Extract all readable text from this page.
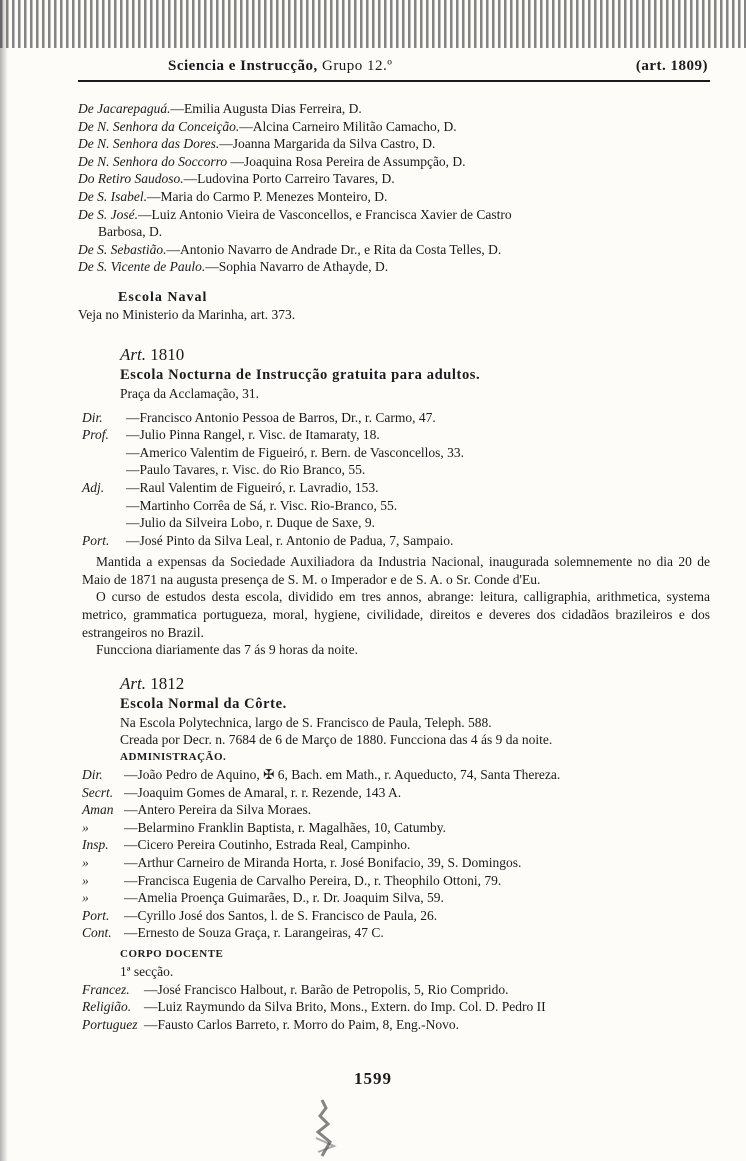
Sciencia e Instrucção, Grupo 12.º	(art. 1809)
De Jacarepaguá.—Emilia Augusta Dias Ferreira, D.
De N. Senhora da Conceição.—Alcina Carneiro Militão Camacho, D.
De N. Senhora das Dores.—Joanna Margarida da Silva Castro, D.
De N. Senhora do Soccorro —Joaquina Rosa Pereira de Assumpção, D.
Do Retiro Saudoso.—Ludovina Porto Carreiro Tavares, D.
De S. Isabel.—Maria do Carmo P. Menezes Monteiro, D.
De S. José.—Luiz Antonio Vieira de Vasconcellos, e Francisca Xavier de Castro
Barbosa, D.
De S. Sebastião.—Antonio Navarro de Andrade Dr., e Rita da Costa Telles, D.
De S. Vicente de Paulo.—Sophia Navarro de Athayde, D.
Escola Naval
Veja no Ministerio da Marinha, art. 373.
Art. 1810
Escola Nocturna de Instrucção gratuita para adultos.
Praça da Acclamação, 31.
Dir.	—Francisco Antonio Pessoa de Barros, Dr., r. Carmo, 47.
Prof.	—Julio Pinna Rangel, r. Visc. de Itamaraty, 18.
—Americo Valentim de Figueiró, r. Bern. de Vasconcellos, 33.
—Paulo Tavares, r. Visc. do Rio Branco, 55.
Adj.	—Raul Valentim de Figueiró, r. Lavradio, 153.
—Martinho Corrêa de Sá, r. Visc. Rio-Branco, 55.
—Julio da Silveira Lobo, r. Duque de Saxe, 9.
Port.	—José Pinto da Silva Leal, r. Antonio de Padua, 7, Sampaio.
Mantida a expensas da Sociedade Auxiliadora da Industria Nacional, inaugurada solemnemente no dia 20 de Maio de 1871 na augusta presença de S. M. o Imperador e de S. A. o Sr. Conde d'Eu.
O curso de estudos desta escola, dividido em tres annos, abrange: leitura, calligraphia, arithmetica, systema metrico, grammatica portugueza, moral, hygiene, civilidade, direitos e deveres dos cidadãos brazileiros e dos estrangeiros no Brazil.
Funcciona diariamente das 7 ás 9 horas da noite.
Art. 1812
Escola Normal da Côrte.
Na Escola Polytechnica, largo de S. Francisco de Paula, Teleph. 588.
Creada por Decr. n. 7684 de 6 de Março de 1880. Funcciona das 4 ás 9 da noite.
ADMINISTRAÇÃO.
Dir.	—João Pedro de Aquino, ✠ 6, Bach. em Math., r. Aqueducto, 74, Santa Thereza.
Secrt. —Joaquim Gomes de Amaral, r. r. Rezende, 143 A.
Aman —Antero Pereira da Silva Moraes.
»	—Belarmino Franklin Baptista, r. Magalhães, 10, Catumby.
Insp.	—Cicero Pereira Coutinho, Estrada Real, Campinho.
»	—Arthur Carneiro de Miranda Horta, r. José Bonifacio, 39, S. Domingos.
»	—Francisca Eugenia de Carvalho Pereira, D., r. Theophilo Ottoni, 79.
»	—Amelia Proença Guimarães, D., r. Dr. Joaquim Silva, 59.
Port.	—Cyrillo José dos Santos, l. de S. Francisco de Paula, 26.
Cont. —Ernesto de Souza Graça, r. Larangeiras, 47 C.
CORPO DOCENTE
1ª secção.
Francez.	—José Francisco Halbout, r. Barão de Petropolis, 5, Rio Comprido.
Religião. —Luiz Raymundo da Silva Brito, Mons., Extern. do Imp. Col. D. Pedro II
Portuguez —Fausto Carlos Barreto, r. Morro do Paim, 8, Eng.-Novo.
1599
